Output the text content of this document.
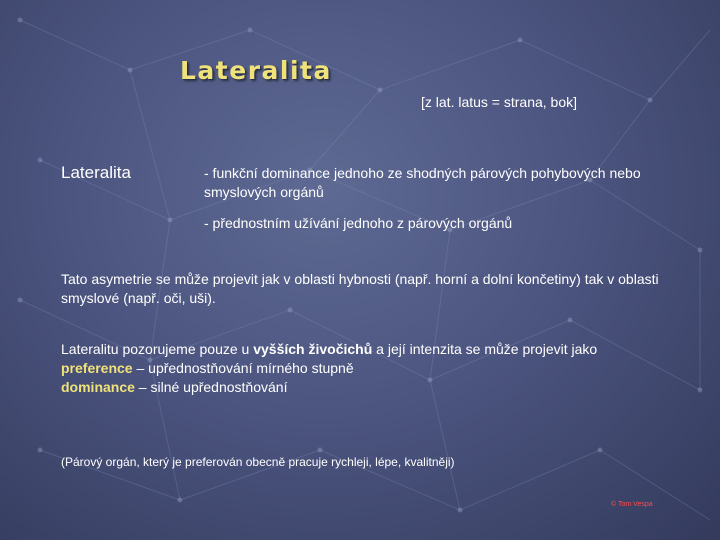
Lateralita
[z lat. latus = strana, bok]
Lateralita	- funkční dominance jednoho ze shodných párových pohybových nebo smyslových orgánů
- přednostním užívání jednoho z párových orgánů
Tato asymetrie se může projevit jak v oblasti hybnosti (např. horní a dolní končetiny) tak v oblasti smyslové (např. oči, uši).
Lateralitu pozorujeme pouze u vyšších živočichů a její intenzita se může projevit jako
preference – upřednostňování mírného stupně
dominance – silné upřednostňování
(Párový orgán, který je preferován obecně pracuje rychleji, lépe, kvalitněji)
© Tom Vespa
